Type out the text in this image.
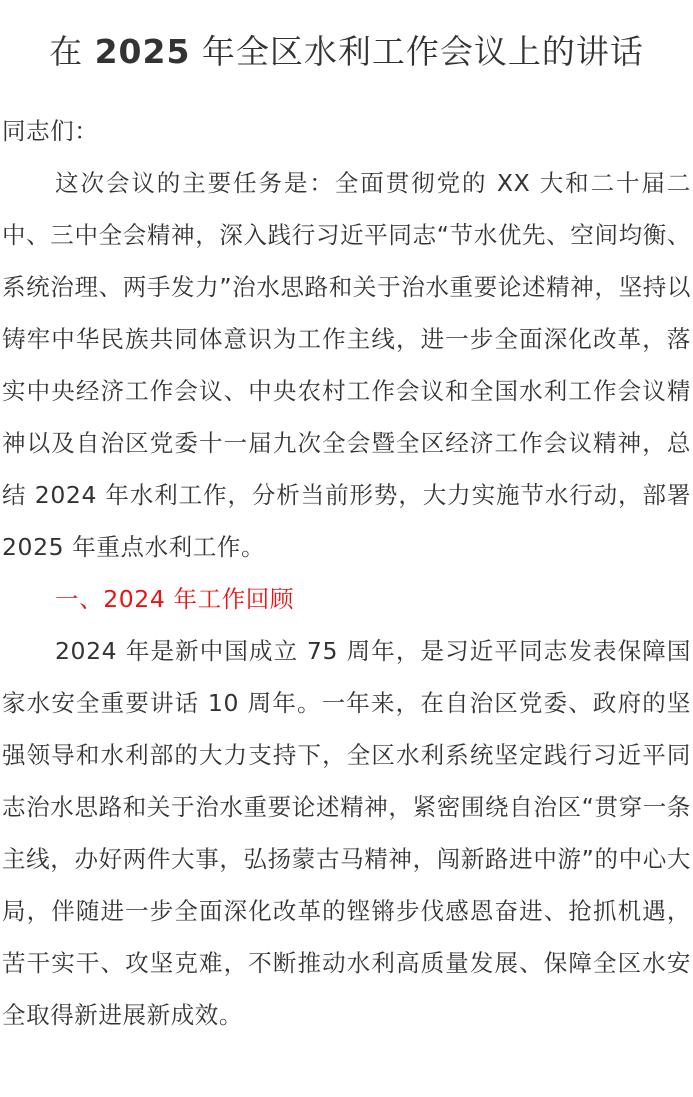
在 2025 年全区水利工作会议上的讲话

同志们：

这次会议的主要任务是：全面贯彻党的 XX 大和二十届二中、三中全会精神，深入践行习近平同志“节水优先、空间均衡、系统治理、两手发力”治水思路和关于治水重要论述精神，坚持以铸牢中华民族共同体意识为工作主线，进一步全面深化改革，落实中央经济工作会议、中央农村工作会议和全国水利工作会议精神以及自治区党委十一届九次全会暨全区经济工作会议精神，总结 2024 年水利工作，分析当前形势，大力实施节水行动，部署 2025 年重点水利工作。

一、2024 年工作回顾

2024 年是新中国成立 75 周年，是习近平同志发表保障国家水安全重要讲话 10 周年。一年来，在自治区党委、政府的坚强领导和水利部的大力支持下，全区水利系统坚定践行习近平同志治水思路和关于治水重要论述精神，紧密围绕自治区“贯穿一条主线，办好两件大事，弘扬蒙古马精神，闯新路进中游”的中心大局，伴随进一步全面深化改革的铿锵步伐感恩奋进、抢抓机遇，苦干实干、攻坚克难，不断推动水利高质量发展、保障全区水安全取得新进展新成效。
